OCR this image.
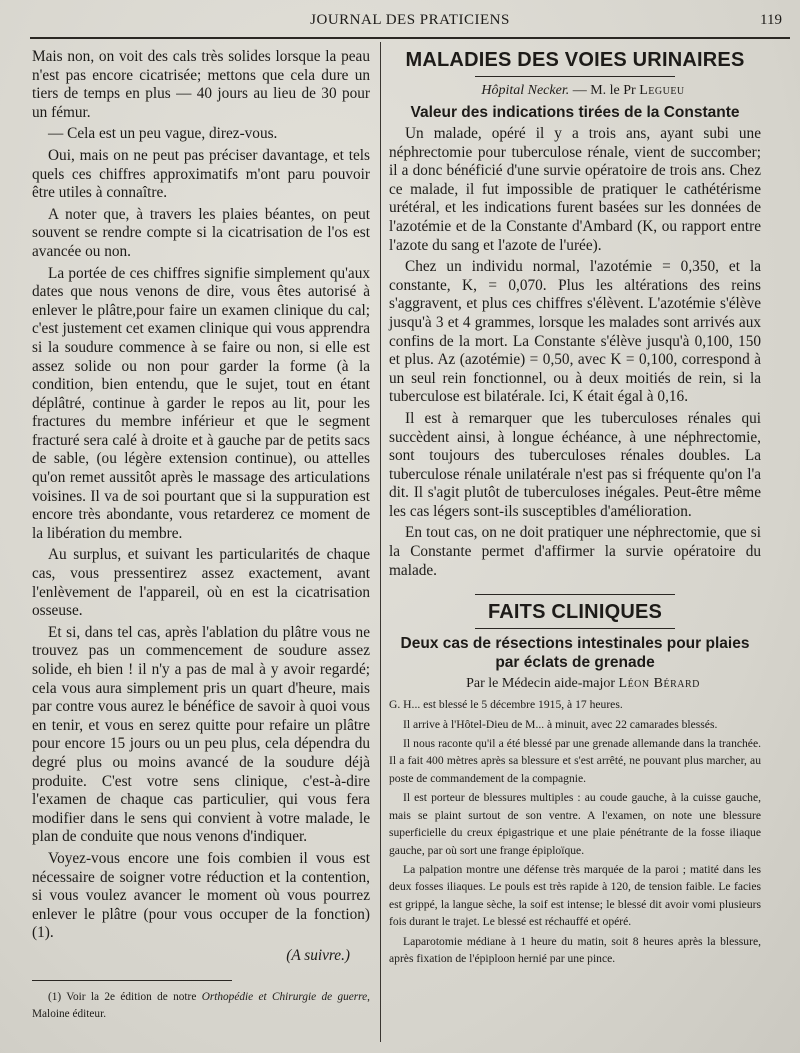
JOURNAL DES PRATICIENS	119

Mais non, on voit des cals très solides lorsque la peau n'est pas encore cicatrisée; mettons que cela dure un tiers de temps en plus — 40 jours au lieu de 30 pour un fémur.

— Cela est un peu vague, direz-vous.

Oui, mais on ne peut pas préciser davantage, et tels quels ces chiffres approximatifs m'ont paru pouvoir être utiles à connaître.

A noter que, à travers les plaies béantes, on peut souvent se rendre compte si la cicatrisation de l'os est avancée ou non.

La portée de ces chiffres signifie simplement qu'aux dates que nous venons de dire, vous êtes autorisé à enlever le plâtre,pour faire un examen clinique du cal; c'est justement cet examen clinique qui vous apprendra si la soudure commence à se faire ou non, si elle est assez solide ou non pour garder la forme (à la condition, bien entendu, que le sujet, tout en étant déplâtré, continue à garder le repos au lit, pour les fractures du membre inférieur et que le segment fracturé sera calé à droite et à gauche par de petits sacs de sable, (ou légère extension continue), ou attelles qu'on remet aussitôt après le massage des articulations voisines. Il va de soi pourtant que si la suppuration est encore très abondante, vous retarderez ce moment de la libération du membre.

Au surplus, et suivant les particularités de chaque cas, vous pressentirez assez exactement, avant l'enlèvement de l'appareil, où en est la cicatrisation osseuse.

Et si, dans tel cas, après l'ablation du plâtre vous ne trouvez pas un commencement de soudure assez solide, eh bien ! il n'y a pas de mal à y avoir regardé; cela vous aura simplement pris un quart d'heure, mais par contre vous aurez le bénéfice de savoir à quoi vous en tenir, et vous en serez quitte pour refaire un plâtre pour encore 15 jours ou un peu plus, cela dépendra du degré plus ou moins avancé de la soudure déjà produite. C'est votre sens clinique, c'est-à-dire l'examen de chaque cas particulier, qui vous fera modifier dans le sens qui convient à votre malade, le plan de conduite que nous venons d'indiquer.

Voyez-vous encore une fois combien il vous est nécessaire de soigner votre réduction et la contention, si vous voulez avancer le moment où vous pourrez enlever le plâtre (pour vous occuper de la fonction) (1).

(A suivre.)

(1) Voir la 2e édition de notre Orthopédie et Chirurgie de guerre, Maloine éditeur.

MALADIES DES VOIES URINAIRES

Hôpital Necker. — M. le Pr Legueu

Valeur des indications tirées de la Constante

Un malade, opéré il y a trois ans, ayant subi une néphrectomie pour tuberculose rénale, vient de succomber; il a donc bénéficié d'une survie opératoire de trois ans. Chez ce malade, il fut impossible de pratiquer le cathétérisme urétéral, et les indications furent basées sur les données de l'azotémie et de la Constante d'Ambard (K, ou rapport entre l'azote du sang et l'azote de l'urée).

Chez un individu normal, l'azotémie = 0,350, et la constante, K, = 0,070. Plus les altérations des reins s'aggravent, et plus ces chiffres s'élèvent. L'azotémie s'élève jusqu'à 3 et 4 grammes, lorsque les malades sont arrivés aux confins de la mort. La Constante s'élève jusqu'à 0,100, 150 et plus. Az (azotémie) = 0,50, avec K = 0,100, correspond à un seul rein fonctionnel, ou à deux moitiés de rein, si la tuberculose est bilatérale. Ici, K était égal à 0,16.

Il est à remarquer que les tuberculoses rénales qui succèdent ainsi, à longue échéance, à une néphrectomie, sont toujours des tuberculoses rénales doubles. La tuberculose rénale unilatérale n'est pas si fréquente qu'on l'a dit. Il s'agit plutôt de tuberculoses inégales. Peut-être même les cas légers sont-ils susceptibles d'amélioration.

En tout cas, on ne doit pratiquer une néphrectomie, que si la Constante permet d'affirmer la survie opératoire du malade.

FAITS CLINIQUES
Deux cas de résections intestinales pour plaies
par éclats de grenade

Par le Médecin aide-major Léon Bérard

G. H... est blessé le 5 décembre 1915, à 17 heures.

Il arrive à l'Hôtel-Dieu de M... à minuit, avec 22 camarades blessés.

Il nous raconte qu'il a été blessé par une grenade allemande dans la tranchée. Il a fait 400 mètres après sa blessure et s'est arrêté, ne pouvant plus marcher, au poste de commandement de la compagnie.

Il est porteur de blessures multiples : au coude gauche, à la cuisse gauche, mais se plaint surtout de son ventre. A l'examen, on note une blessure superficielle du creux épigastrique et une plaie pénétrante de la fosse iliaque gauche, par où sort une frange épiploïque.

La palpation montre une défense très marquée de la paroi ; matité dans les deux fosses iliaques. Le pouls est très rapide à 120, de tension faible. Le facies est grippé, la langue sèche, la soif est intense; le blessé dit avoir vomi plusieurs fois durant le trajet. Le blessé est réchauffé et opéré.

Laparotomie médiane à 1 heure du matin, soit 8 heures après la blessure, après fixation de l'épiploon hernié par une pince.
